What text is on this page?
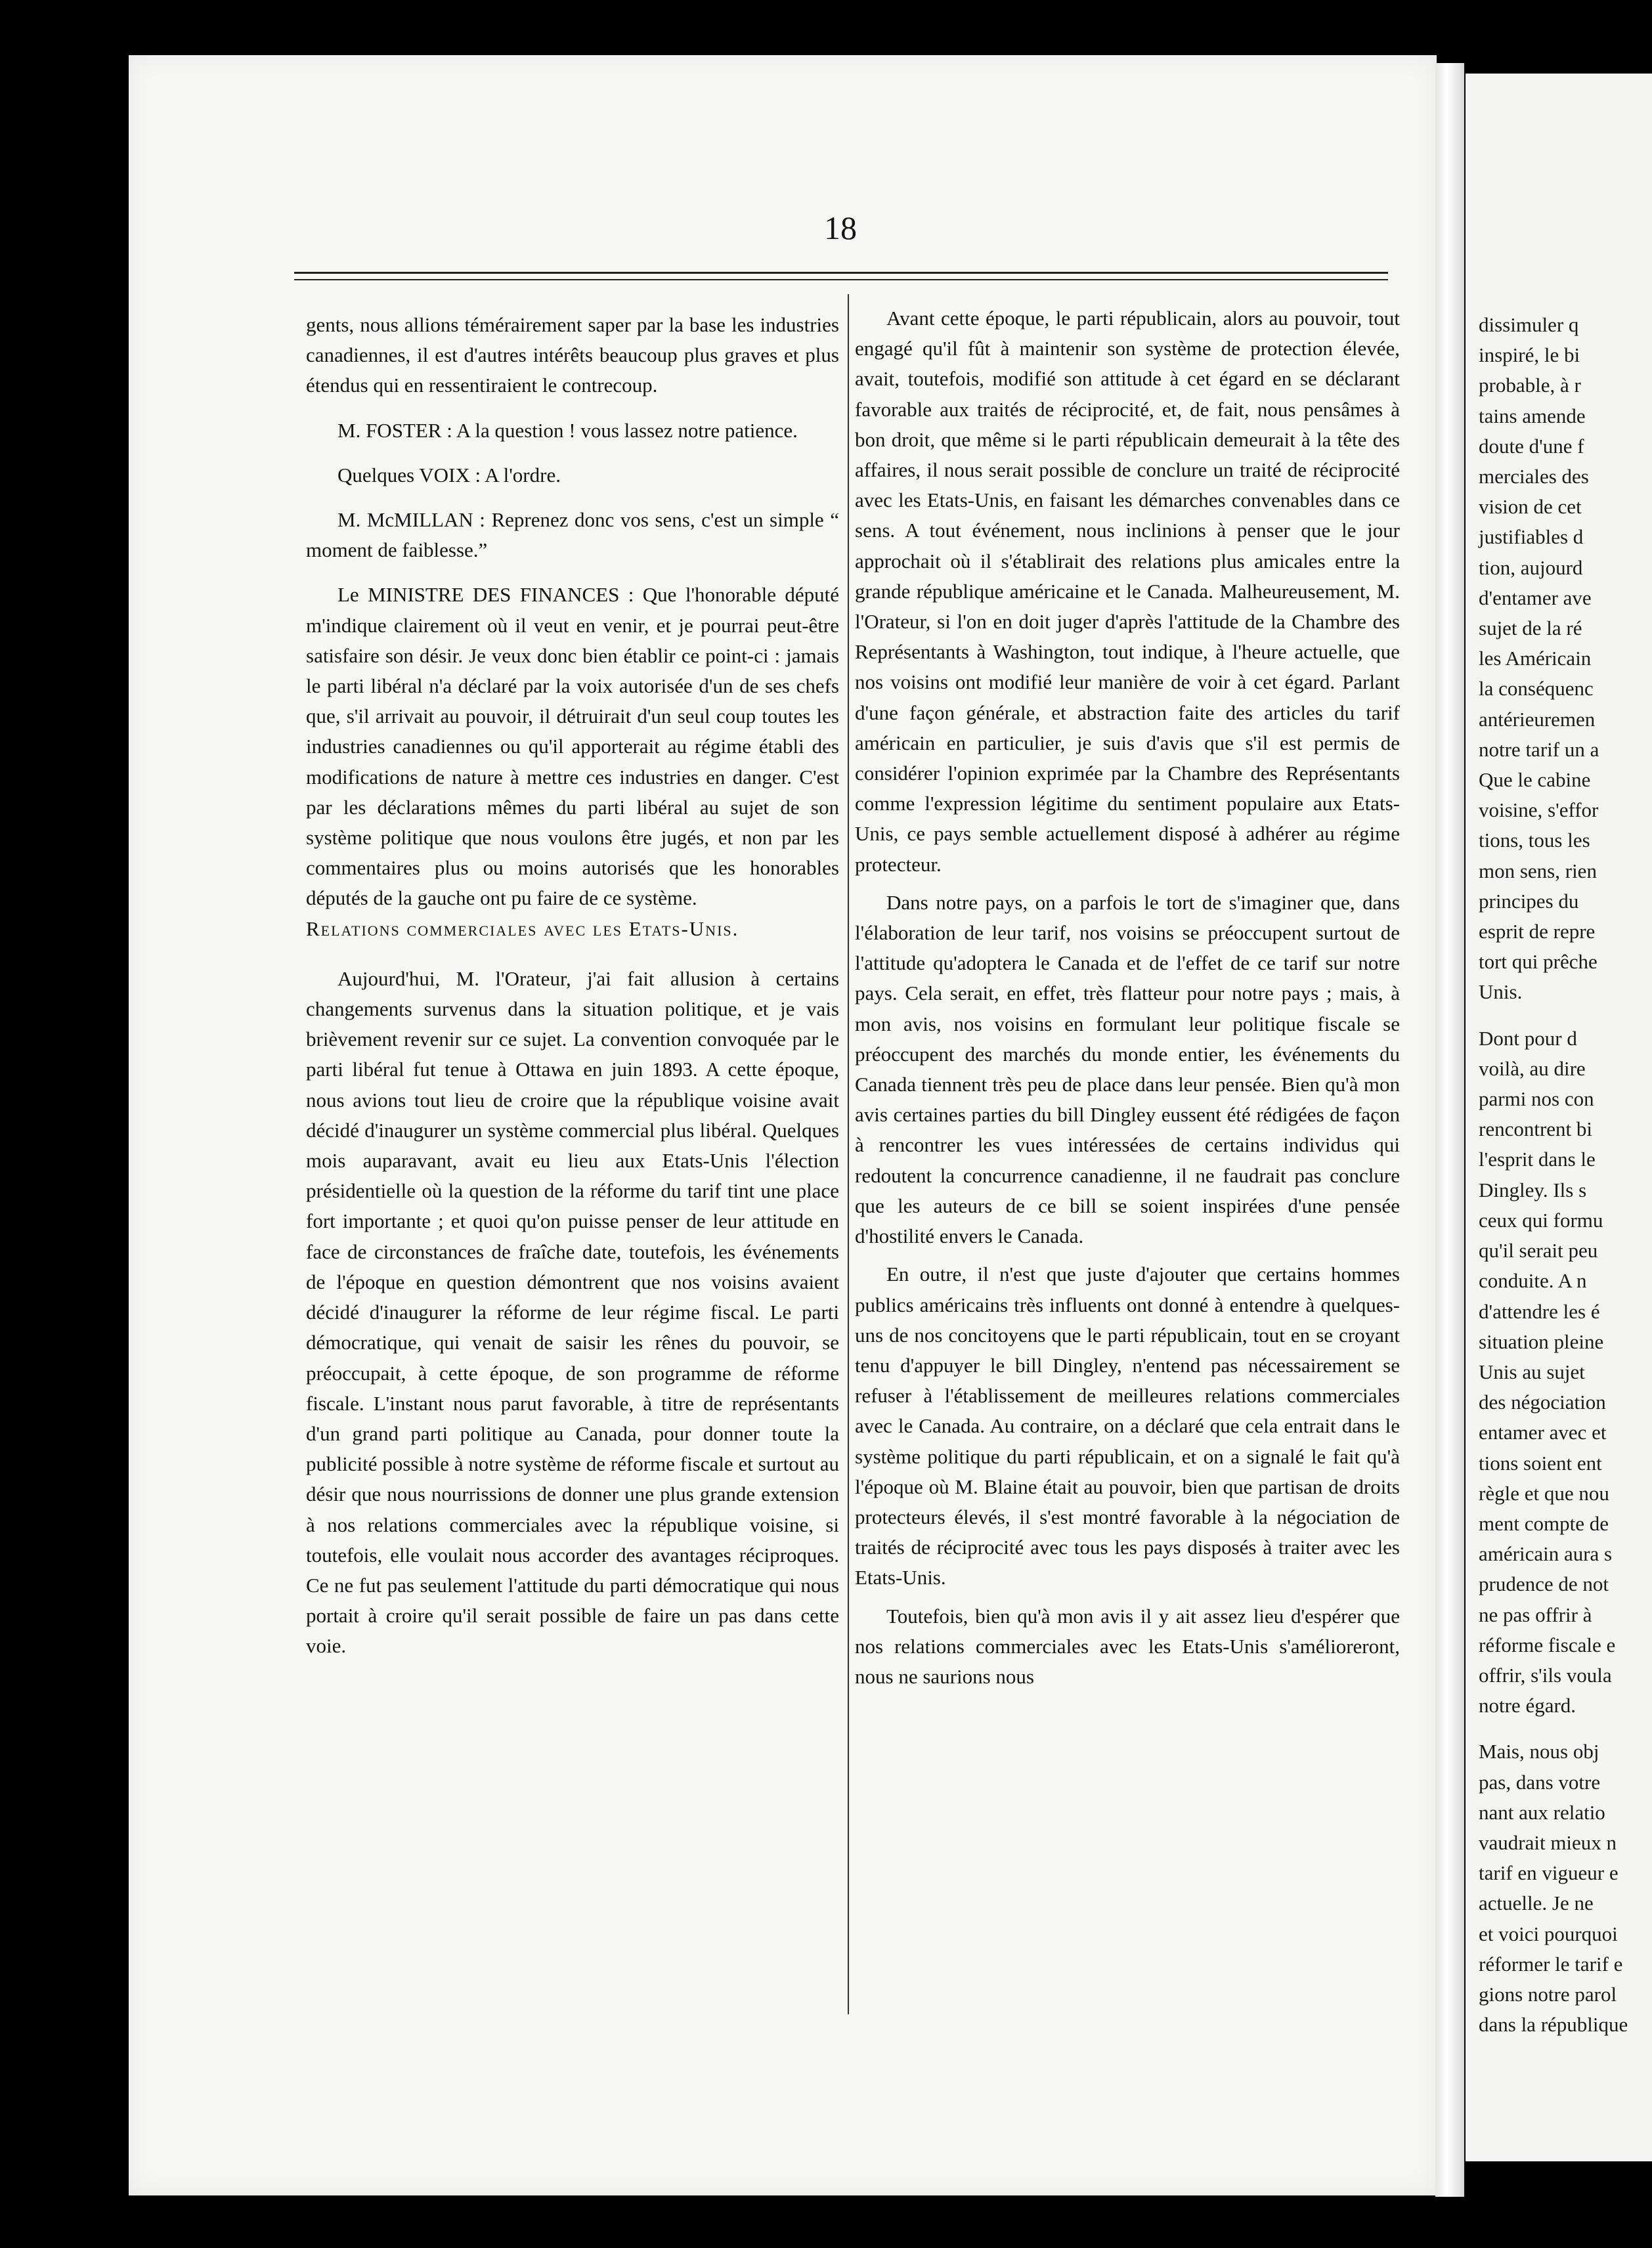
dissimuler q
inspiré, le bi
probable, à r
tains amende
doute d'une f
merciales des
vision de cet
justifiables d
tion, aujourd
d'entamer ave
sujet de la ré
les Américain
la conséquenc
antérieuremen
notre tarif un a
Que le cabine
voisine, s'effor
tions, tous les
mon sens, rien
principes du
esprit de repre
tort qui prêche
Unis.
Dont pour d
voilà, au dire
parmi nos con
rencontrent bi
l'esprit dans le
Dingley. Ils s
ceux qui formu
qu'il serait peu
conduite. A n
d'attendre les é
situation pleine
Unis au sujet
des négociation
entamer avec et
tions soient ent
règle et que nou
ment compte de
américain aura s
prudence de not
ne pas offrir à
réforme fiscale e
offrir, s'ils voula
notre égard.
Mais, nous obj
pas, dans votre
nant aux relatio
vaudrait mieux n
tarif en vigueur e
actuelle. Je ne
et voici pourquoi
réformer le tarif e
gions notre parol
dans la république
18

gents, nous allions témérairement saper par la base les industries canadiennes, il est d'autres intérêts beaucoup plus graves et plus étendus qui en ressentiraient le contrecoup.

M. FOSTER : A la question ! vous lassez notre patience.

Quelques VOIX : A l'ordre.

M. McMILLAN : Reprenez donc vos sens, c'est un simple “ moment de faiblesse.”

Le MINISTRE DES FINANCES : Que l'honorable député m'indique clairement où il veut en venir, et je pourrai peut-être satisfaire son désir. Je veux donc bien établir ce point-ci : jamais le parti libéral n'a déclaré par la voix autorisée d'un de ses chefs que, s'il arrivait au pouvoir, il détruirait d'un seul coup toutes les industries canadiennes ou qu'il apporterait au régime établi des modifications de nature à mettre ces industries en danger. C'est par les déclarations mêmes du parti libéral au sujet de son système politique que nous voulons être jugés, et non par les commentaires plus ou moins autorisés que les honorables députés de la gauche ont pu faire de ce système.

Relations commerciales avec les Etats-Unis.

Aujourd'hui, M. l'Orateur, j'ai fait allusion à certains changements survenus dans la situation politique, et je vais brièvement revenir sur ce sujet. La convention convoquée par le parti libéral fut tenue à Ottawa en juin 1893. A cette époque, nous avions tout lieu de croire que la république voisine avait décidé d'inaugurer un système commercial plus libéral. Quelques mois auparavant, avait eu lieu aux Etats-Unis l'élection présidentielle où la question de la réforme du tarif tint une place fort importante ; et quoi qu'on puisse penser de leur attitude en face de circonstances de fraîche date, toutefois, les événements de l'époque en question démontrent que nos voisins avaient décidé d'inaugurer la réforme de leur régime fiscal. Le parti démocratique, qui venait de saisir les rênes du pouvoir, se préoccupait, à cette époque, de son programme de réforme fiscale. L'instant nous parut favorable, à titre de représentants d'un grand parti politique au Canada, pour donner toute la publicité possible à notre système de réforme fiscale et surtout au désir que nous nourrissions de donner une plus grande extension à nos relations commerciales avec la république voisine, si toutefois, elle voulait nous accorder des avantages réciproques. Ce ne fut pas seulement l'attitude du parti démocratique qui nous portait à croire qu'il serait possible de faire un pas dans cette voie.

Avant cette époque, le parti républicain, alors au pouvoir, tout engagé qu'il fût à maintenir son système de protection élevée, avait, toutefois, modifié son attitude à cet égard en se déclarant favorable aux traités de réciprocité, et, de fait, nous pensâmes à bon droit, que même si le parti républicain demeurait à la tête des affaires, il nous serait possible de conclure un traité de réciprocité avec les Etats-Unis, en faisant les démarches convenables dans ce sens. A tout événement, nous inclinions à penser que le jour approchait où il s'établirait des relations plus amicales entre la grande république américaine et le Canada. Malheureusement, M. l'Orateur, si l'on en doit juger d'après l'attitude de la Chambre des Représentants à Washington, tout indique, à l'heure actuelle, que nos voisins ont modifié leur manière de voir à cet égard. Parlant d'une façon générale, et abstraction faite des articles du tarif américain en particulier, je suis d'avis que s'il est permis de considérer l'opinion exprimée par la Chambre des Représentants comme l'expression légitime du sentiment populaire aux Etats-Unis, ce pays semble actuellement disposé à adhérer au régime protecteur.

Dans notre pays, on a parfois le tort de s'imaginer que, dans l'élaboration de leur tarif, nos voisins se préoccupent surtout de l'attitude qu'adoptera le Canada et de l'effet de ce tarif sur notre pays. Cela serait, en effet, très flatteur pour notre pays ; mais, à mon avis, nos voisins en formulant leur politique fiscale se préoccupent des marchés du monde entier, les événements du Canada tiennent très peu de place dans leur pensée. Bien qu'à mon avis certaines parties du bill Dingley eussent été rédigées de façon à rencontrer les vues intéressées de certains individus qui redoutent la concurrence canadienne, il ne faudrait pas conclure que les auteurs de ce bill se soient inspirées d'une pensée d'hostilité envers le Canada.

En outre, il n'est que juste d'ajouter que certains hommes publics américains très influents ont donné à entendre à quelques-uns de nos concitoyens que le parti républicain, tout en se croyant tenu d'appuyer le bill Dingley, n'entend pas nécessairement se refuser à l'établissement de meilleures relations commerciales avec le Canada. Au contraire, on a déclaré que cela entrait dans le système politique du parti républicain, et on a signalé le fait qu'à l'époque où M. Blaine était au pouvoir, bien que partisan de droits protecteurs élevés, il s'est montré favorable à la négociation de traités de réciprocité avec tous les pays disposés à traiter avec les Etats-Unis.

Toutefois, bien qu'à mon avis il y ait assez lieu d'espérer que nos relations commerciales avec les Etats-Unis s'amélioreront, nous ne saurions nous
